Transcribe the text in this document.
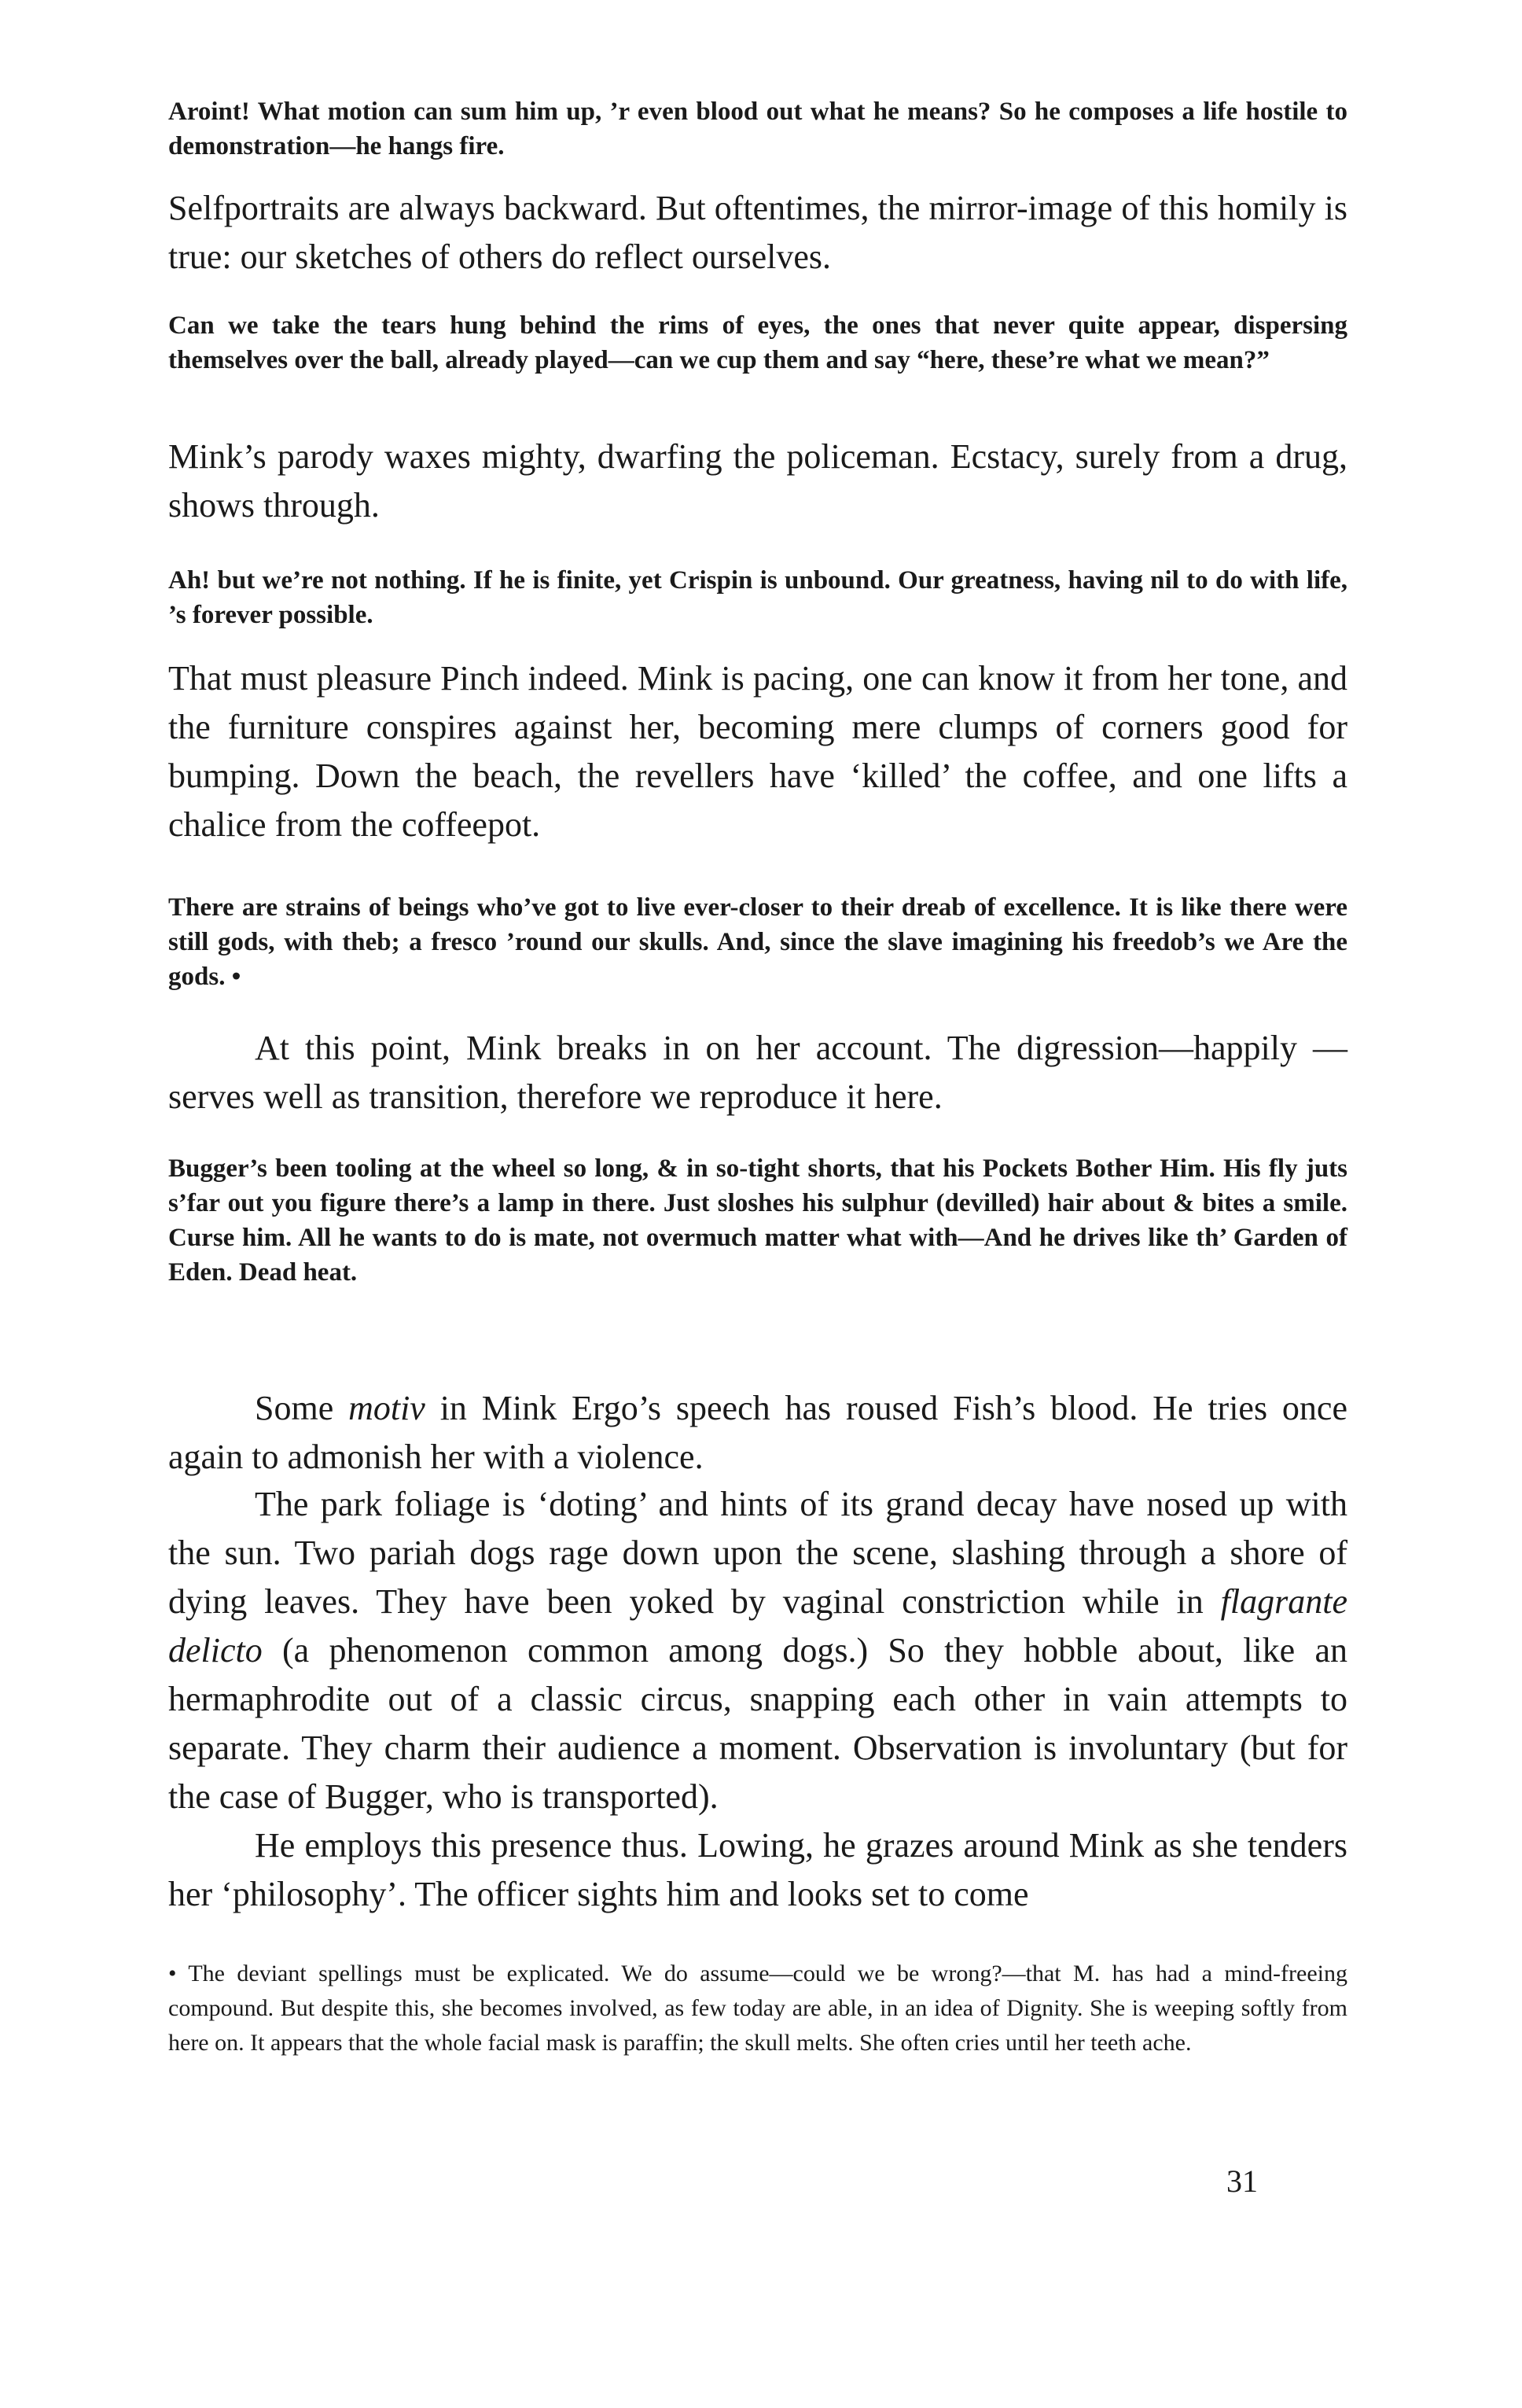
Aroint! What motion can sum him up, ’r even blood out what he means? So he composes a life hostile to demonstration—he hangs fire.

Selfportraits are always backward. But oftentimes, the mirror-image of this homily is true: our sketches of others do reflect ourselves.

Can we take the tears hung behind the rims of eyes, the ones that never quite appear, dispersing themselves over the ball, already played—can we cup them and say “here, these’re what we mean?”

Mink’s parody waxes mighty, dwarfing the policeman. Ecstacy, surely from a drug, shows through.

Ah! but we’re not nothing. If he is finite, yet Crispin is unbound. Our greatness, having nil to do with life, ’s forever possible.

That must pleasure Pinch indeed. Mink is pacing, one can know it from her tone, and the furniture conspires against her, becoming mere clumps of corners good for bumping. Down the beach, the revellers have ‘killed’ the coffee, and one lifts a chalice from the coffeepot.

There are strains of beings who’ve got to live ever-closer to their dreab of excellence. It is like there were still gods, with theb; a fresco ’round our skulls. And, since the slave imagining his freedob’s we Are the gods. •

At this point, Mink breaks in on her account. The digression—happily —serves well as transition, therefore we reproduce it here.

Bugger’s been tooling at the wheel so long, & in so-tight shorts, that his Pockets Bother Him. His fly juts s’far out you figure there’s a lamp in there. Just sloshes his sulphur (devilled) hair about & bites a smile. Curse him. All he wants to do is mate, not overmuch matter what with—And he drives like th’ Garden of Eden. Dead heat.

Some motiv in Mink Ergo’s speech has roused Fish’s blood. He tries once again to admonish her with a violence.

The park foliage is ‘doting’ and hints of its grand decay have nosed up with the sun. Two pariah dogs rage down upon the scene, slashing through a shore of dying leaves. They have been yoked by vaginal constriction while in flagrante delicto (a phenomenon common among dogs.) So they hobble about, like an hermaphrodite out of a classic circus, snapping each other in vain attempts to separate. They charm their audience a moment. Observation is involuntary (but for the case of Bugger, who is transported).

He employs this presence thus. Lowing, he grazes around Mink as she tenders her ‘philosophy’. The officer sights him and looks set to come

• The deviant spellings must be explicated. We do assume—could we be wrong?—that M. has had a mind-freeing compound. But despite this, she becomes involved, as few today are able, in an idea of Dignity. She is weeping softly from here on. It appears that the whole facial mask is paraffin; the skull melts. She often cries until her teeth ache.

31
